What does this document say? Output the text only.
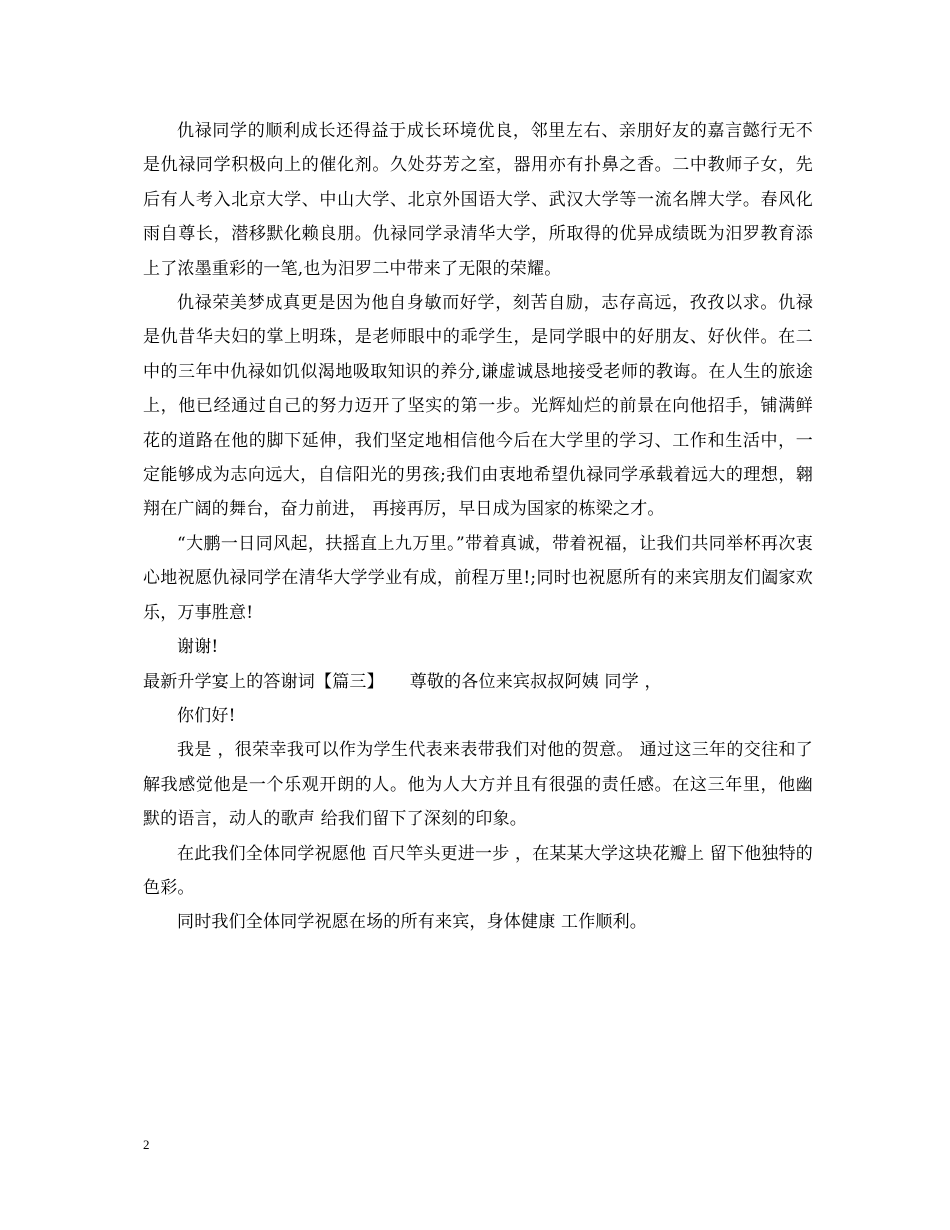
仇禄同学的顺利成长还得益于成长环境优良，邻里左右、亲朋好友的嘉言懿行无不是仇禄同学积极向上的催化剂。久处芬芳之室，器用亦有扑鼻之香。二中教师子女，先后有人考入北京大学、中山大学、北京外国语大学、武汉大学等一流名牌大学。春风化雨自尊长，潜移默化赖良朋。仇禄同学录清华大学，所取得的优异成绩既为汨罗教育添上了浓墨重彩的一笔,也为汨罗二中带来了无限的荣耀。

仇禄荣美梦成真更是因为他自身敏而好学，刻苦自励，志存高远，孜孜以求。仇禄是仇昔华夫妇的掌上明珠，是老师眼中的乖学生，是同学眼中的好朋友、好伙伴。在二中的三年中仇禄如饥似渴地吸取知识的养分,谦虚诚恳地接受老师的教诲。在人生的旅途上，他已经通过自己的努力迈开了坚实的第一步。光辉灿烂的前景在向他招手，铺满鲜花的道路在他的脚下延伸，我们坚定地相信他今后在大学里的学习、工作和生活中，一定能够成为志向远大，自信阳光的男孩;我们由衷地希望仇禄同学承载着远大的理想，翱翔在广阔的舞台，奋力前进， 再接再厉，早日成为国家的栋梁之才。

“大鹏一日同风起，扶摇直上九万里。”带着真诚，带着祝福，让我们共同举杯再次衷心地祝愿仇禄同学在清华大学学业有成，前程万里!;同时也祝愿所有的来宾朋友们阖家欢乐，万事胜意!

谢谢!

最新升学宴上的答谢词【篇三】　　尊敬的各位来宾叔叔阿姨 同学 ，

你们好!

我是 ，很荣幸我可以作为学生代表来表带我们对他的贺意。 通过这三年的交往和了解我感觉他是一个乐观开朗的人。他为人大方并且有很强的责任感。在这三年里，他幽默的语言，动人的歌声 给我们留下了深刻的印象。

在此我们全体同学祝愿他 百尺竿头更进一步 ，在某某大学这块花瓣上 留下他独特的色彩。

同时我们全体同学祝愿在场的所有来宾，身体健康 工作顺利。

2
